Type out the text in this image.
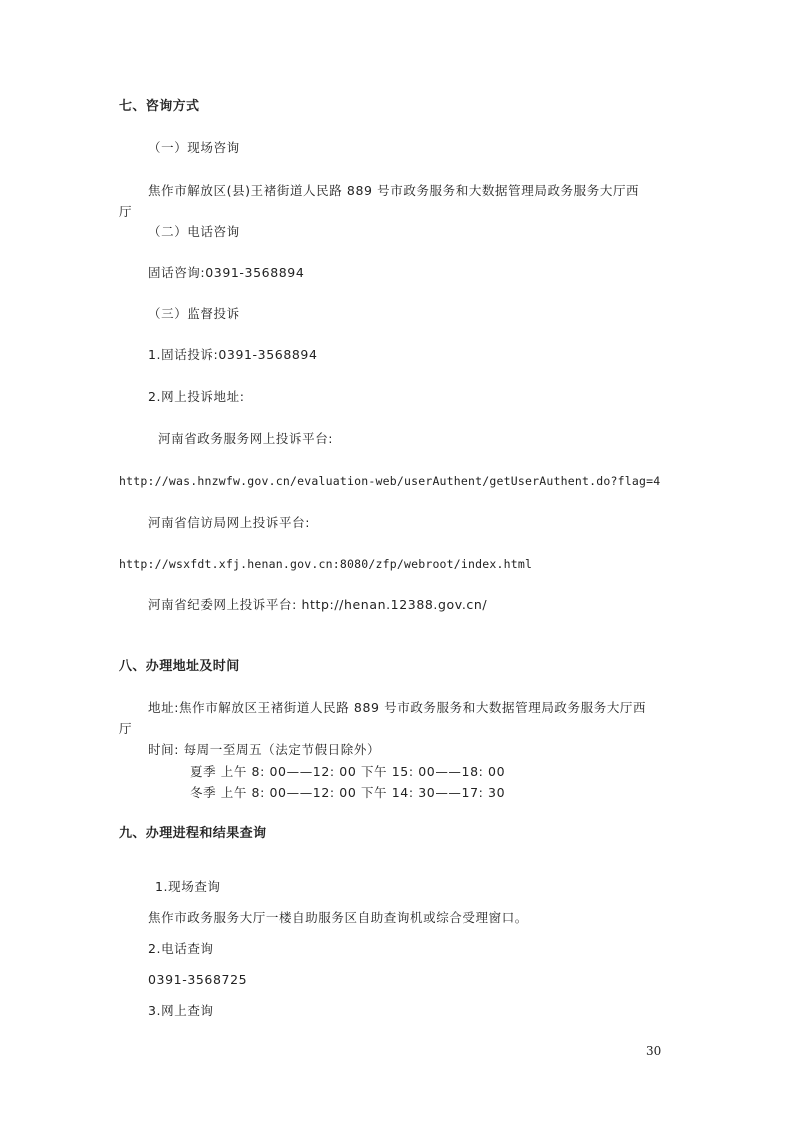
七、咨询方式
（一）现场咨询
焦作市解放区(县)王褚街道人民路 889 号市政务服务和大数据管理局政务服务大厅西
厅
（二）电话咨询
固话咨询:0391-3568894
（三）监督投诉
1.固话投诉:0391-3568894
2.网上投诉地址:
河南省政务服务网上投诉平台:
http://was.hnzwfw.gov.cn/evaluation-web/userAuthent/getUserAuthent.do?flag=4
河南省信访局网上投诉平台:
http://wsxfdt.xfj.henan.gov.cn:8080/zfp/webroot/index.html
河南省纪委网上投诉平台: http://henan.12388.gov.cn/
八、办理地址及时间
地址:焦作市解放区王褚街道人民路 889 号市政务服务和大数据管理局政务服务大厅西
厅
时间: 每周一至周五（法定节假日除外）
夏季 上午 8: 00——12: 00 下午 15: 00——18: 00
冬季 上午 8: 00——12: 00 下午 14: 30——17: 30
九、办理进程和结果查询
1.现场查询
焦作市政务服务大厅一楼自助服务区自助查询机或综合受理窗口。
2.电话查询
0391-3568725
3.网上查询
30
